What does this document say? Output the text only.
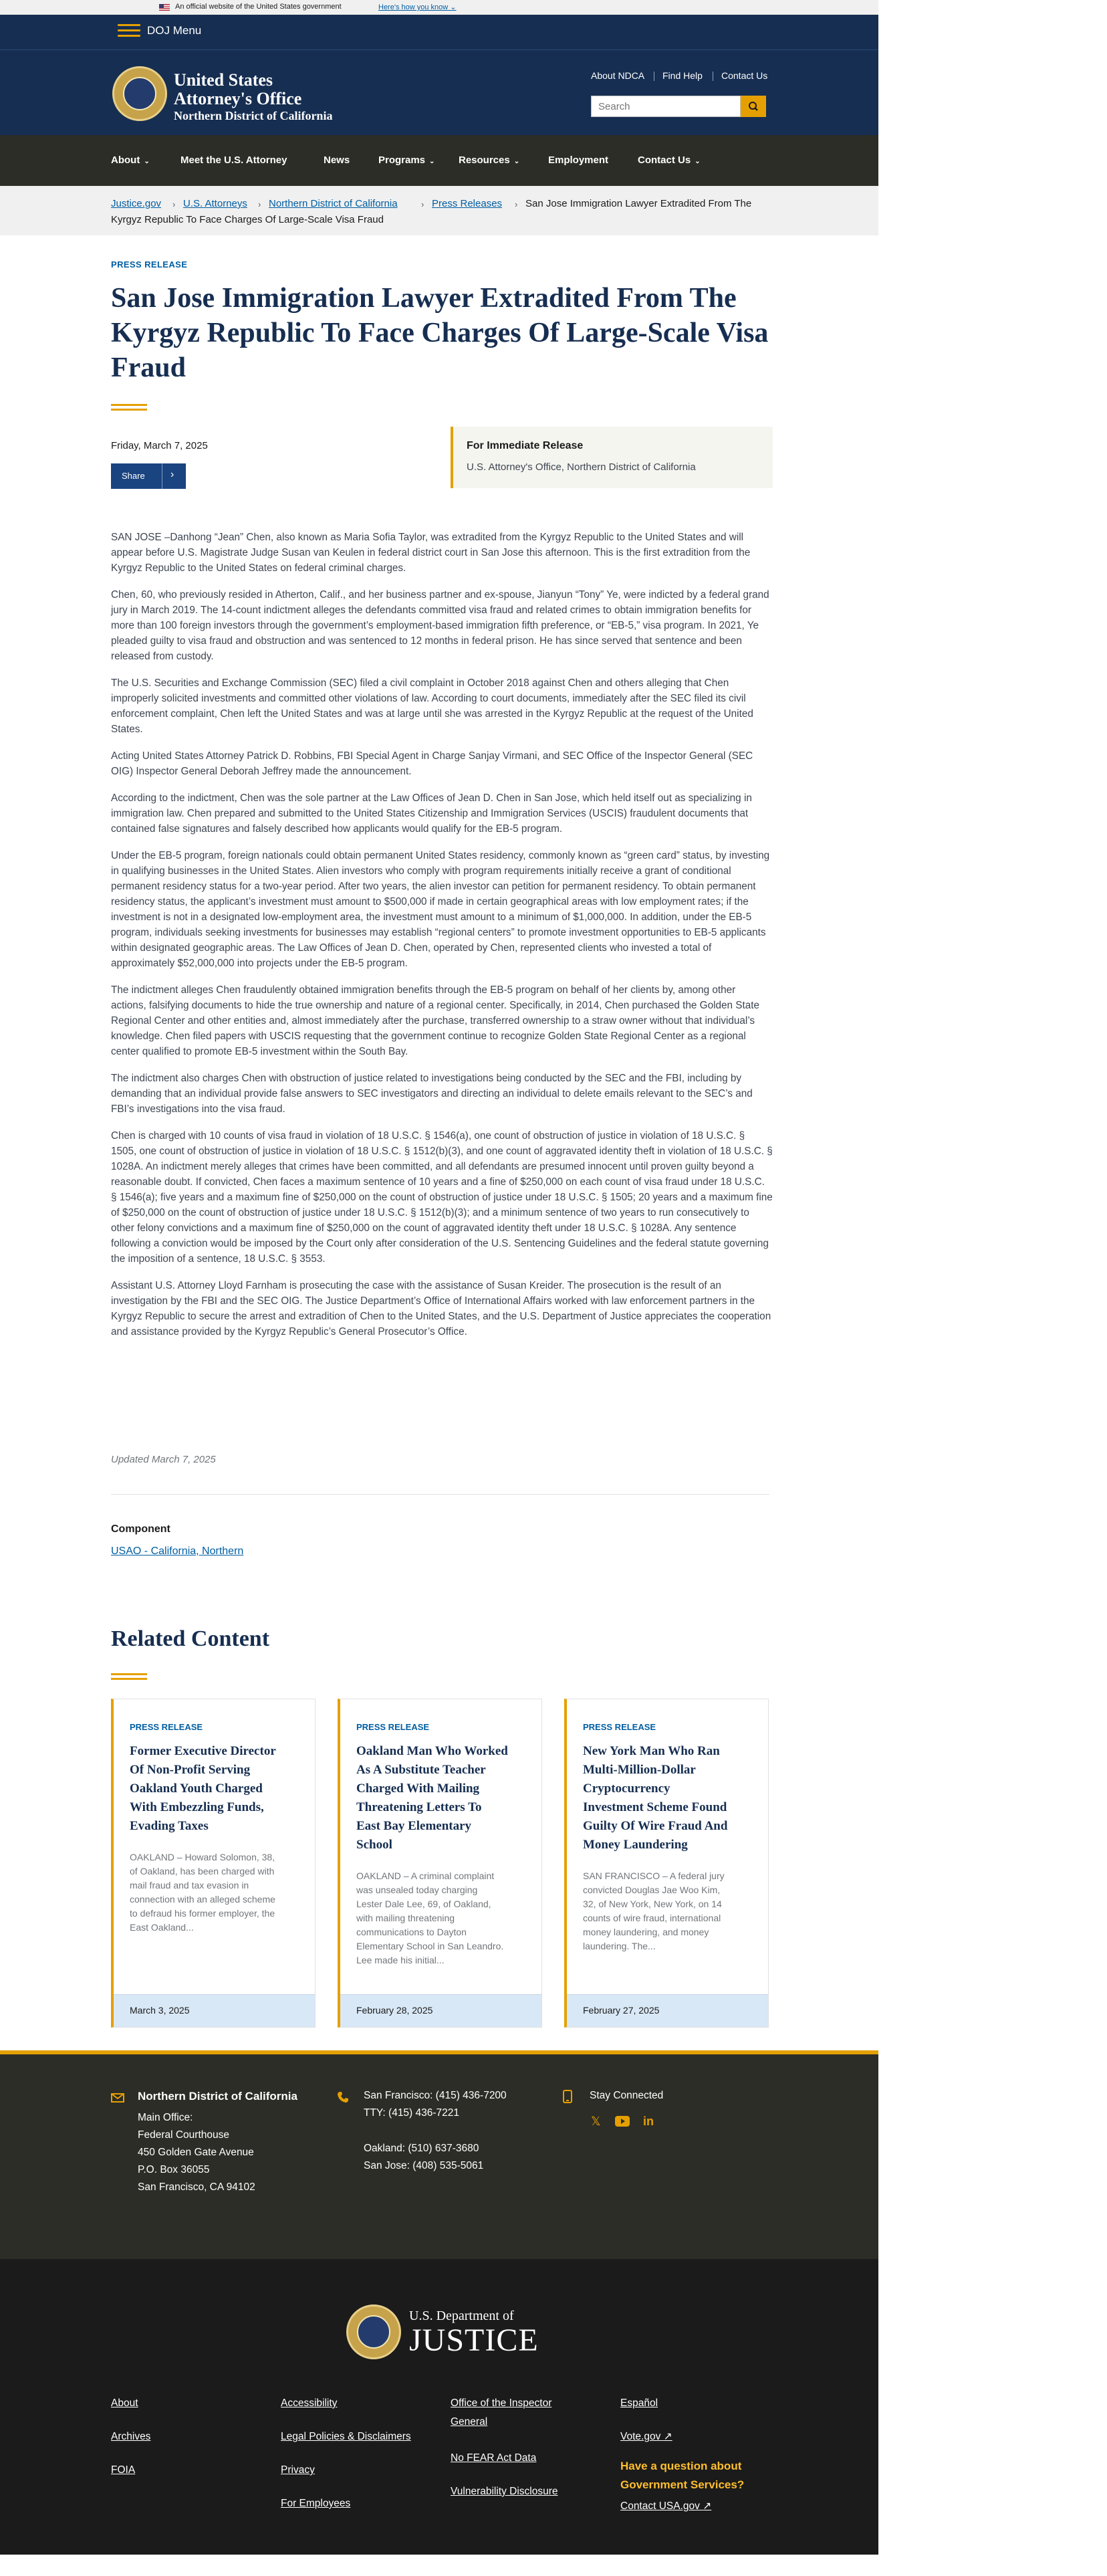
An official website of the United States government	Here's how you know ⌄
DOJ Menu
United States
Attorney's Office
Northern District of California
About NDCA Find Help Contact Us
Search
About ⌄	Meet the U.S. Attorney	News	Programs ⌄ Resources ⌄	Employment	Contact Us ⌄
Justice.gov › U.S. Attorneys › Northern District of California	› Press Releases › San Jose Immigration Lawyer Extradited From The
Kyrgyz Republic To Face Charges Of Large-Scale Visa Fraud
PRESS RELEASE
San Jose Immigration Lawyer Extradited From The
Kyrgyz Republic To Face Charges Of Large-Scale Visa
Fraud
Friday, March 7, 2025
Share ›
For Immediate Release
U.S. Attorney's Office, Northern District of California

SAN JOSE –Danhong “Jean” Chen, also known as Maria Sofia Taylor, was extradited from the Kyrgyz Republic to the United States and will appear before U.S. Magistrate Judge Susan van Keulen in federal district court in San Jose this afternoon. This is the first extradition from the Kyrgyz Republic to the United States on federal criminal charges.

Chen, 60, who previously resided in Atherton, Calif., and her business partner and ex-spouse, Jianyun “Tony” Ye, were indicted by a federal grand jury in March 2019. The 14-count indictment alleges the defendants committed visa fraud and related crimes to obtain immigration benefits for more than 100 foreign investors through the government’s employment-based immigration fifth preference, or “EB-5,” visa program. In 2021, Ye pleaded guilty to visa fraud and obstruction and was sentenced to 12 months in federal prison. He has since served that sentence and been released from custody.

The U.S. Securities and Exchange Commission (SEC) filed a civil complaint in October 2018 against Chen and others alleging that Chen improperly solicited investments and committed other violations of law. According to court documents, immediately after the SEC filed its civil enforcement complaint, Chen left the United States and was at large until she was arrested in the Kyrgyz Republic at the request of the United States.

Acting United States Attorney Patrick D. Robbins, FBI Special Agent in Charge Sanjay Virmani, and SEC Office of the Inspector General (SEC OIG) Inspector General Deborah Jeffrey made the announcement.

According to the indictment, Chen was the sole partner at the Law Offices of Jean D. Chen in San Jose, which held itself out as specializing in immigration law. Chen prepared and submitted to the United States Citizenship and Immigration Services (USCIS) fraudulent documents that contained false signatures and falsely described how applicants would qualify for the EB-5 program.

Under the EB-5 program, foreign nationals could obtain permanent United States residency, commonly known as “green card” status, by investing in qualifying businesses in the United States. Alien investors who comply with program requirements initially receive a grant of conditional permanent residency status for a two-year period. After two years, the alien investor can petition for permanent residency. To obtain permanent residency status, the applicant’s investment must amount to $500,000 if made in certain geographical areas with low employment rates; if the investment is not in a designated low-employment area, the investment must amount to a minimum of $1,000,000. In addition, under the EB-5 program, individuals seeking investments for businesses may establish “regional centers” to promote investment opportunities to EB-5 applicants within designated geographic areas. The Law Offices of Jean D. Chen, operated by Chen, represented clients who invested a total of approximately $52,000,000 into projects under the EB-5 program.

The indictment alleges Chen fraudulently obtained immigration benefits through the EB-5 program on behalf of her clients by, among other actions, falsifying documents to hide the true ownership and nature of a regional center. Specifically, in 2014, Chen purchased the Golden State Regional Center and other entities and, almost immediately after the purchase, transferred ownership to a straw owner without that individual’s knowledge. Chen filed papers with USCIS requesting that the government continue to recognize Golden State Regional Center as a regional center qualified to promote EB-5 investment within the South Bay.

The indictment also charges Chen with obstruction of justice related to investigations being conducted by the SEC and the FBI, including by demanding that an individual provide false answers to SEC investigators and directing an individual to delete emails relevant to the SEC’s and FBI’s investigations into the visa fraud.

Chen is charged with 10 counts of visa fraud in violation of 18 U.S.C. § 1546(a), one count of obstruction of justice in violation of 18 U.S.C. § 1505, one count of obstruction of justice in violation of 18 U.S.C. § 1512(b)(3), and one count of aggravated identity theft in violation of 18 U.S.C. § 1028A. An indictment merely alleges that crimes have been committed, and all defendants are presumed innocent until proven guilty beyond a reasonable doubt. If convicted, Chen faces a maximum sentence of 10 years and a fine of $250,000 on each count of visa fraud under 18 U.S.C. § 1546(a); five years and a maximum fine of $250,000 on the count of obstruction of justice under 18 U.S.C. § 1505; 20 years and a maximum fine of $250,000 on the count of obstruction of justice under 18 U.S.C. § 1512(b)(3); and a minimum sentence of two years to run consecutively to other felony convictions and a maximum fine of $250,000 on the count of aggravated identity theft under 18 U.S.C. § 1028A. Any sentence following a conviction would be imposed by the Court only after consideration of the U.S. Sentencing Guidelines and the federal statute governing the imposition of a sentence, 18 U.S.C. § 3553.

Assistant U.S. Attorney Lloyd Farnham is prosecuting the case with the assistance of Susan Kreider. The prosecution is the result of an investigation by the FBI and the SEC OIG. The Justice Department’s Office of International Affairs worked with law enforcement partners in the Kyrgyz Republic to secure the arrest and extradition of Chen to the United States, and the U.S. Department of Justice appreciates the cooperation and assistance provided by the Kyrgyz Republic’s General Prosecutor’s Office.

Updated March 7, 2025
Component
USAO - California, Northern
Related Content
PRESS RELEASE
Former Executive Director
Of Non-Profit Serving
Oakland Youth Charged
With Embezzling Funds,
Evading Taxes
OAKLAND – Howard Solomon, 38,
of Oakland, has been charged with
mail fraud and tax evasion in
connection with an alleged scheme
to defraud his former employer, the
East Oakland...
March 3, 2025
PRESS RELEASE
Oakland Man Who Worked
As A Substitute Teacher
Charged With Mailing
Threatening Letters To
East Bay Elementary
School
OAKLAND – A criminal complaint
was unsealed today charging
Lester Dale Lee, 69, of Oakland,
with mailing threatening
communications to Dayton
Elementary School in San Leandro.
Lee made his initial...
February 28, 2025
PRESS RELEASE
New York Man Who Ran
Multi-Million-Dollar
Cryptocurrency
Investment Scheme Found
Guilty Of Wire Fraud And
Money Laundering
SAN FRANCISCO – A federal jury
convicted Douglas Jae Woo Kim,
32, of New York, New York, on 14
counts of wire fraud, international
money laundering, and money
laundering. The...
February 27, 2025
Northern District of California
Main Office:
Federal Courthouse
450 Golden Gate Avenue
P.O. Box 36055
San Francisco, CA 94102
San Francisco: (415) 436-7200
TTY: (415) 436-7221
Oakland: (510) 637-3680
San Jose: (408) 535-5061
Stay Connected
𝕏	in
U.S. Department of
JUSTICE
About
Archives
FOIA
Accessibility
Legal Policies & Disclaimers
Privacy
For Employees
Office of the Inspector
General
No FEAR Act Data
Vulnerability Disclosure
Español
Vote.gov ↗
Have a question about
Government Services?
Contact USA.gov ↗
